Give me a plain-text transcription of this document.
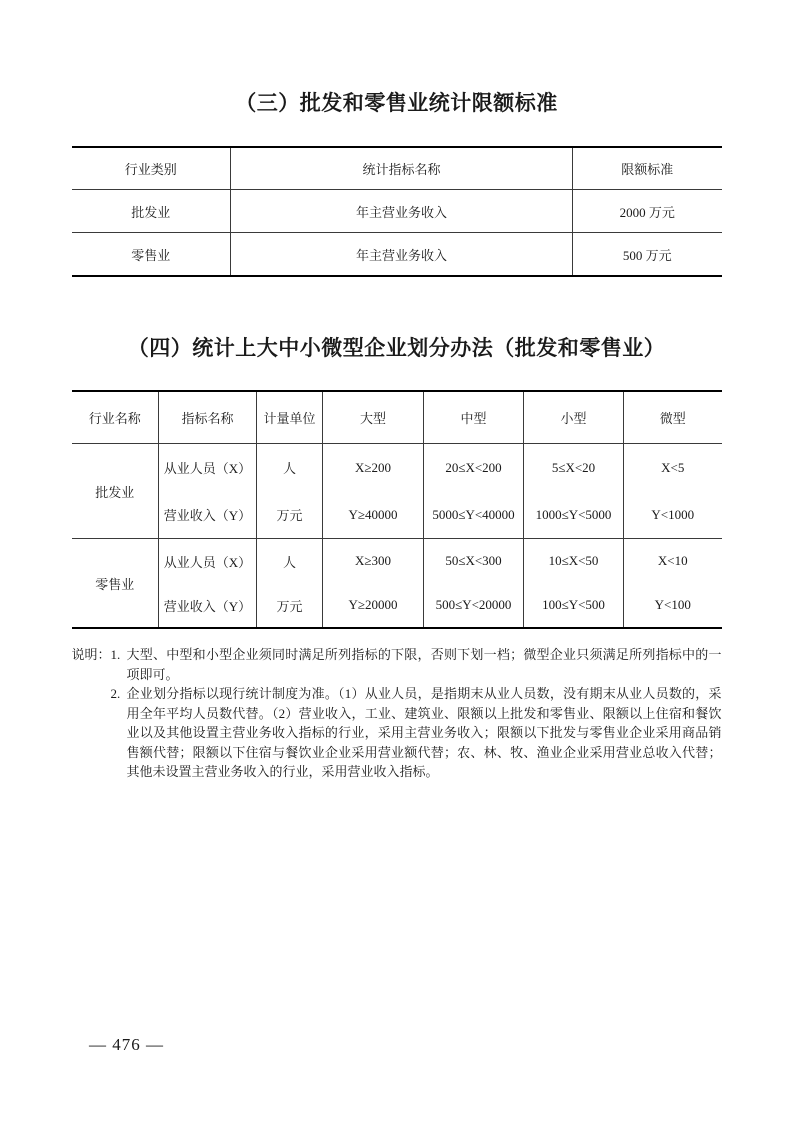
（三）批发和零售业统计限额标准
行业类别	统计指标名称	限额标准
批发业	年主营业务收入	2000 万元
零售业	年主营业务收入	500 万元
（四）统计上大中小微型企业划分办法（批发和零售业）
行业名称	指标名称	计量单位	大型	中型	小型	微型
批发业	从业人员（X）	人	X≥200	20≤X<200	5≤X<20	X<5
	营业收入（Y）	万元	Y≥40000	5000≤Y<40000	1000≤Y<5000	Y<1000
零售业	从业人员（X）	人	X≥300	50≤X<300	10≤X<50	X<10
	营业收入（Y）	万元	Y≥20000	500≤Y<20000	100≤Y<500	Y<100
说明： 1. 大型、中型和小型企业须同时满足所列指标的下限，否则下划一档；微型企业只须满足所列指标中的一项即可。
2. 企业划分指标以现行统计制度为准。（1）从业人员，是指期末从业人员数，没有期末从业人员数的，采用全年平均人员数代替。（2）营业收入，工业、建筑业、限额以上批发和零售业、限额以上住宿和餐饮业以及其他设置主营业务收入指标的行业，采用主营业务收入；限额以下批发与零售业企业采用商品销售额代替；限额以下住宿与餐饮业企业采用营业额代替；农、林、牧、渔业企业采用营业总收入代替；其他未设置主营业务收入的行业，采用营业收入指标。
— 476 —
